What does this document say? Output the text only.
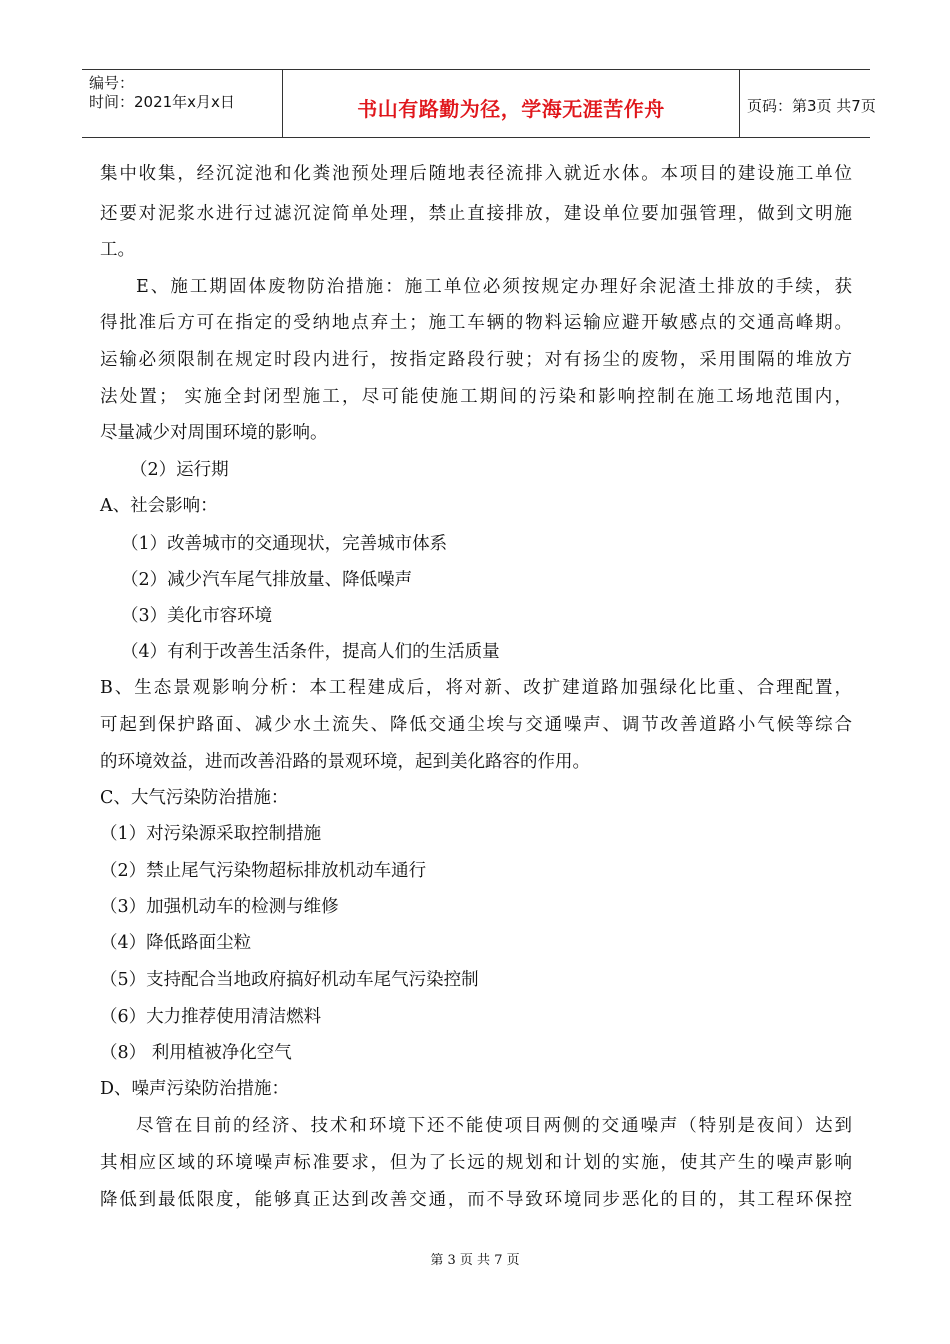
编号：
时间：2021年x月x日	书山有路勤为径，学海无涯苦作舟	页码：第3页 共7页
集中收集，经沉淀池和化粪池预处理后随地表径流排入就近水体。本项目的建设施工单位
还要对泥浆水进行过滤沉淀简单处理，禁止直接排放，建设单位要加强管理，做到文明施
工。
E、施工期固体废物防治措施：施工单位必须按规定办理好余泥渣土排放的手续，获
得批准后方可在指定的受纳地点弃土；施工车辆的物料运输应避开敏感点的交通高峰期。
运输必须限制在规定时段内进行，按指定路段行驶；对有扬尘的废物，采用围隔的堆放方
法处置； 实施全封闭型施工，尽可能使施工期间的污染和影响控制在施工场地范围内，
尽量减少对周围环境的影响。
（2）运行期
A、社会影响：
（1）改善城市的交通现状，完善城市体系
（2）减少汽车尾气排放量、降低噪声
（3）美化市容环境
（4）有利于改善生活条件，提高人们的生活质量
B、生态景观影响分析：本工程建成后，将对新、改扩建道路加强绿化比重、合理配置，
可起到保护路面、减少水土流失、降低交通尘埃与交通噪声、调节改善道路小气候等综合
的环境效益，进而改善沿路的景观环境，起到美化路容的作用。
C、大气污染防治措施：
（1）对污染源采取控制措施
（2）禁止尾气污染物超标排放机动车通行
（3）加强机动车的检测与维修
（4）降低路面尘粒
（5）支持配合当地政府搞好机动车尾气污染控制
（6）大力推荐使用清洁燃料
（8） 利用植被净化空气
D、噪声污染防治措施：
尽管在目前的经济、技术和环境下还不能使项目两侧的交通噪声（特别是夜间）达到
其相应区域的环境噪声标准要求，但为了长远的规划和计划的实施，使其产生的噪声影响
降低到最低限度，能够真正达到改善交通，而不导致环境同步恶化的目的，其工程环保控
第 3 页 共 7 页
